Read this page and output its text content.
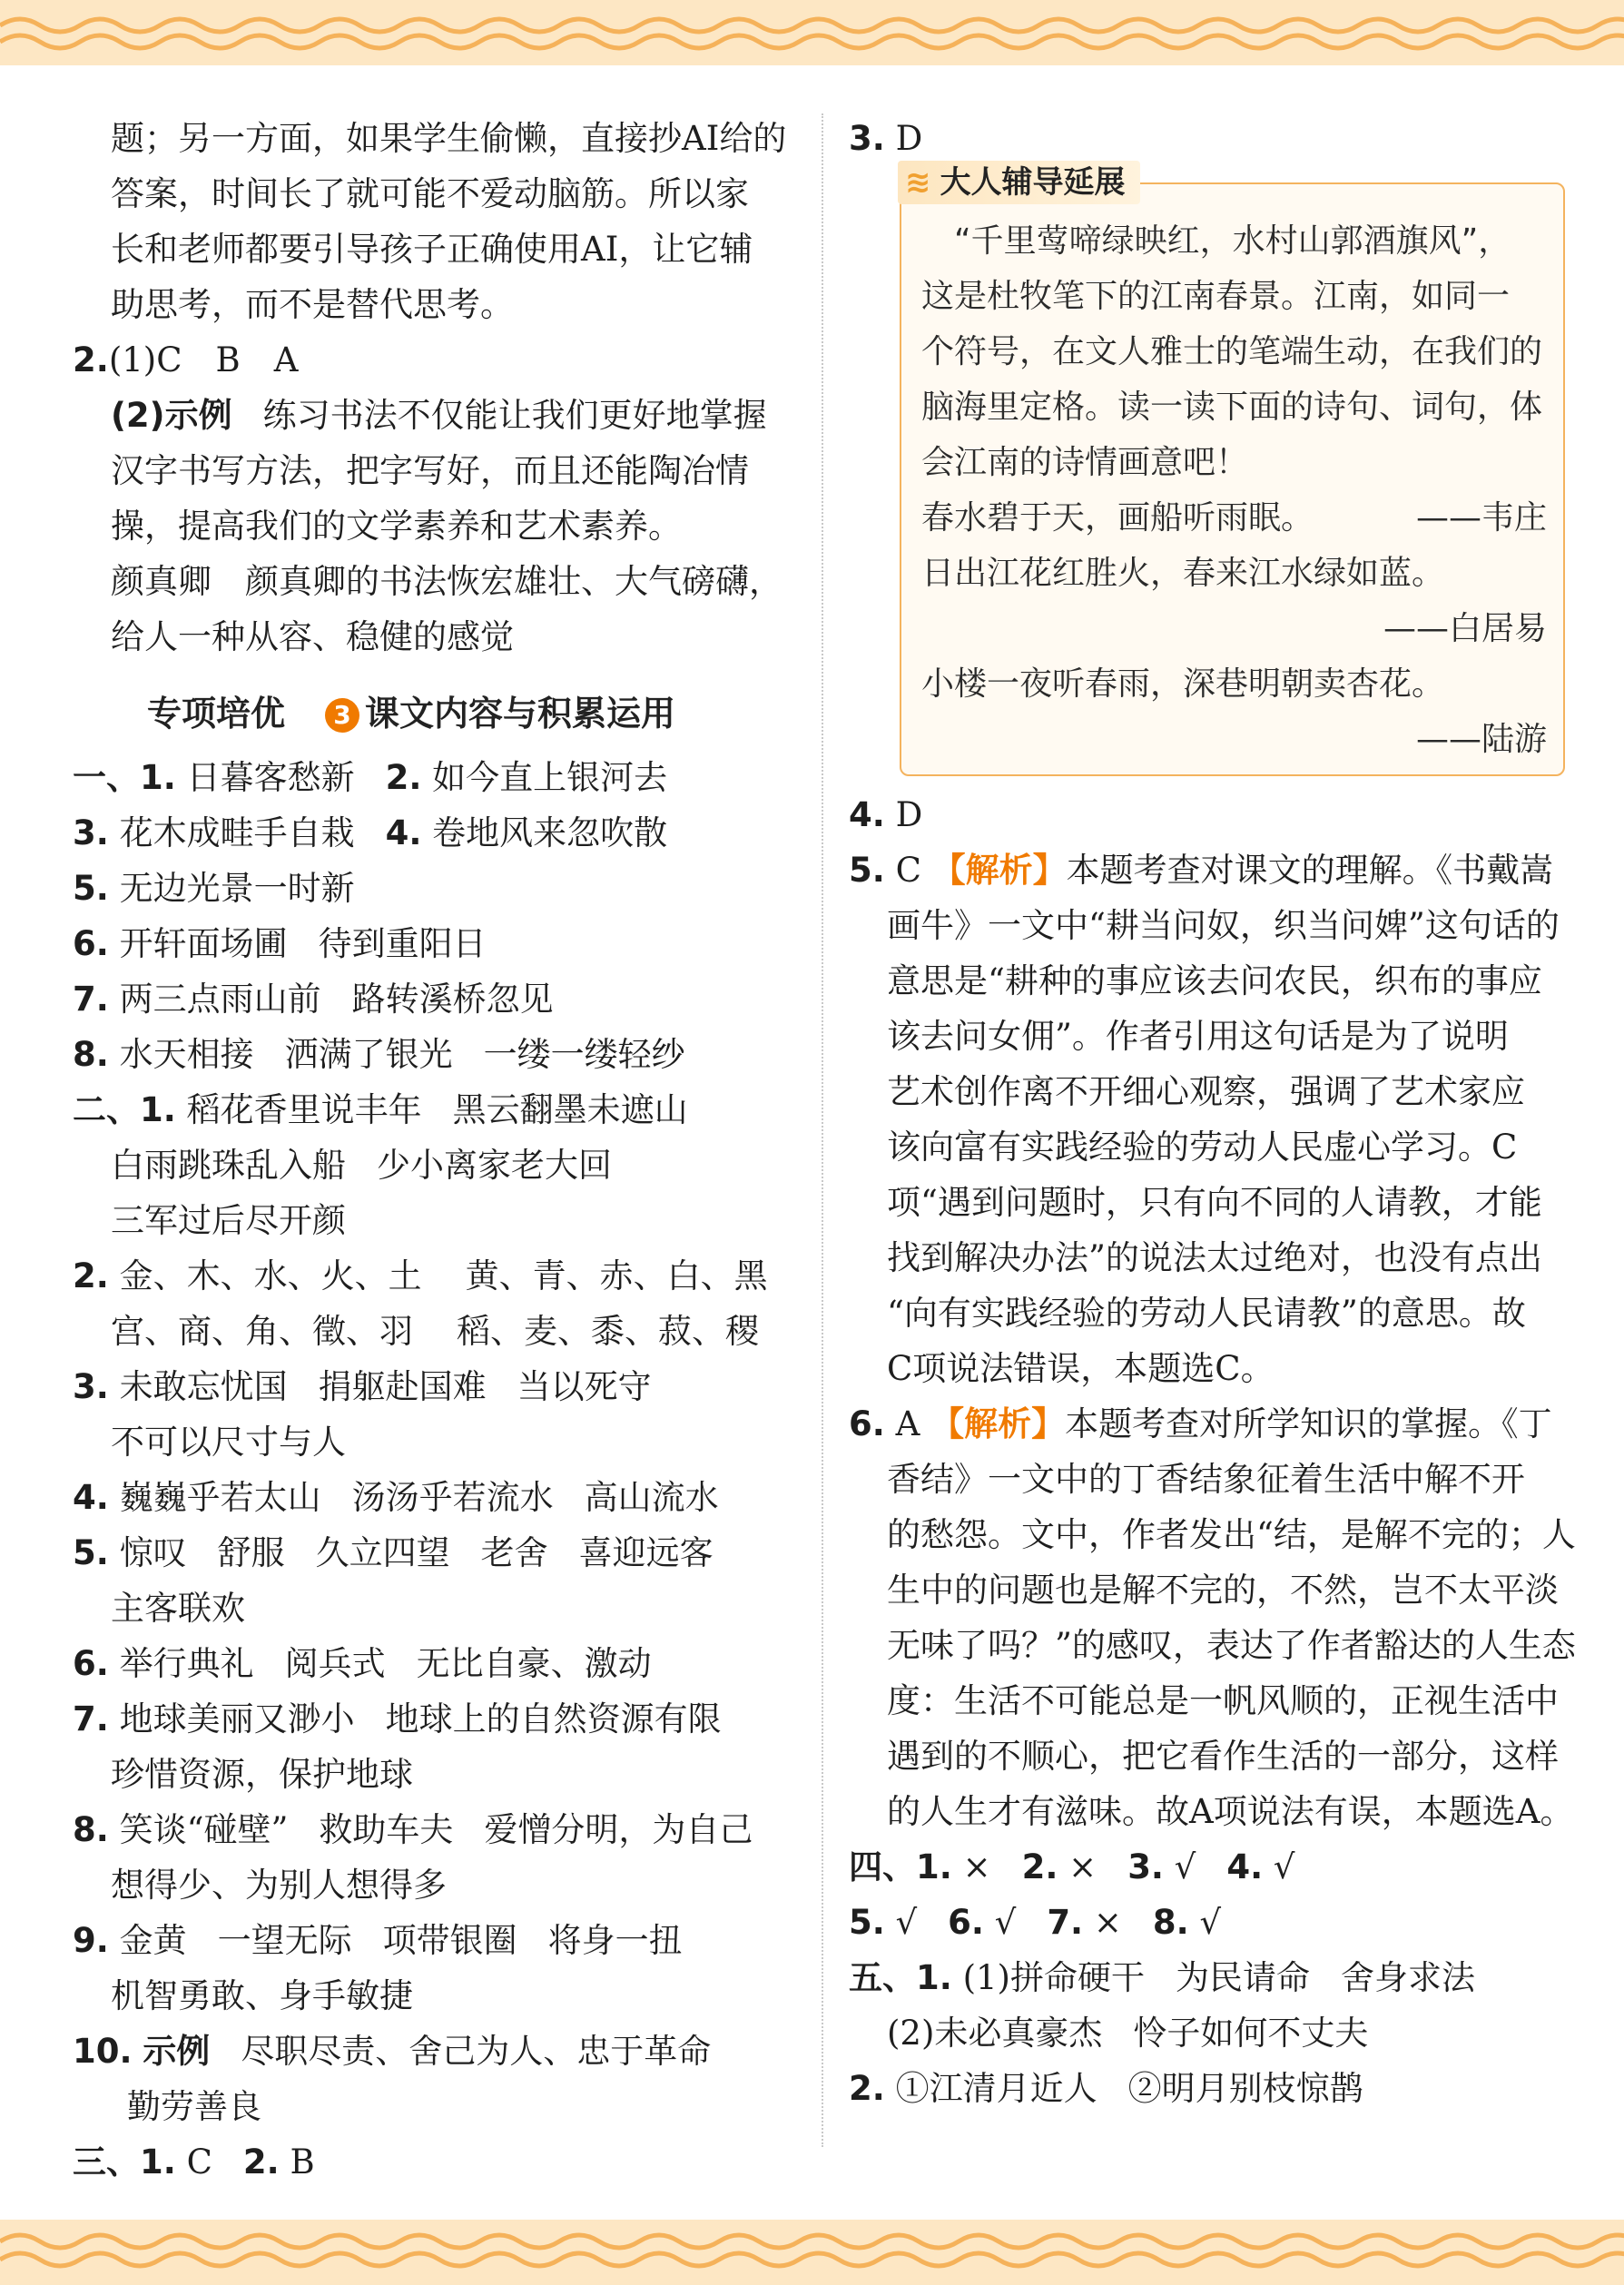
题；另一方面，如果学生偷懒，直接抄AI给的
答案，时间长了就可能不爱动脑筋。所以家
长和老师都要引导孩子正确使用AI，让它辅
助思考，而不是替代思考。
2.(1)C　B　A
(2)示例 练习书法不仅能让我们更好地掌握
汉字书写方法，把字写好，而且还能陶冶情
操，提高我们的文学素养和艺术素养。
颜真卿　颜真卿的书法恢宏雄壮、大气磅礴，
给人一种从容、稳健的感觉
专项培优 3 课文内容与积累运用
一、1. 日暮客愁新 2. 如今直上银河去
3. 花木成畦手自栽 4. 卷地风来忽吹散
5. 无边光景一时新
6. 开轩面场圃 待到重阳日
7. 两三点雨山前 路转溪桥忽见
8. 水天相接 洒满了银光 一缕一缕轻纱
二、1. 稻花香里说丰年 黑云翻墨未遮山
白雨跳珠乱入船 少小离家老大回
三军过后尽开颜
2. 金、木、水、火、土 黄、青、赤、白、黑
宫、商、角、徵、羽 稻、麦、黍、菽、稷
3. 未敢忘忧国 捐躯赴国难 当以死守
不可以尺寸与人
4. 巍巍乎若太山 汤汤乎若流水 高山流水
5. 惊叹 舒服 久立四望 老舍 喜迎远客
主客联欢
6. 举行典礼 阅兵式 无比自豪、激动
7. 地球美丽又渺小 地球上的自然资源有限
珍惜资源，保护地球
8. 笑谈“碰壁” 救助车夫 爱憎分明，为自己
想得少、为别人想得多
9. 金黄 一望无际 项带银圈 将身一扭
机智勇敢、身手敏捷
10. 示例 尽职尽责、舍己为人、忠于革命
勤劳善良
三、1. C 2. B
3. D
≋ 大人辅导延展
　“千里莺啼绿映红，水村山郭酒旗风”，
这是杜牧笔下的江南春景。江南，如同一
个符号，在文人雅士的笔端生动，在我们的
脑海里定格。读一读下面的诗句、词句，体
会江南的诗情画意吧！
春水碧于天，画船听雨眠。	——韦庄
日出江花红胜火，春来江水绿如蓝。
——白居易
小楼一夜听春雨，深巷明朝卖杏花。
——陆游
4. D
5. C 【解析】本题考查对课文的理解。《书戴嵩
画牛》一文中“耕当问奴，织当问婢”这句话的
意思是“耕种的事应该去问农民，织布的事应
该去问女佣”。作者引用这句话是为了说明
艺术创作离不开细心观察，强调了艺术家应
该向富有实践经验的劳动人民虚心学习。C
项“遇到问题时，只有向不同的人请教，才能
找到解决办法”的说法太过绝对，也没有点出
“向有实践经验的劳动人民请教”的意思。故
C项说法错误，本题选C。
6. A 【解析】本题考查对所学知识的掌握。《丁
香结》一文中的丁香结象征着生活中解不开
的愁怨。文中，作者发出“结，是解不完的；人
生中的问题也是解不完的，不然，岂不太平淡
无味了吗？”的感叹，表达了作者豁达的人生态
度：生活不可能总是一帆风顺的，正视生活中
遇到的不顺心，把它看作生活的一部分，这样
的人生才有滋味。故A项说法有误，本题选A。
四、1. × 2. × 3. √ 4. √
5. √ 6. √ 7. × 8. √
五、1. (1)拼命硬干 为民请命 舍身求法
(2)未必真豪杰 怜子如何不丈夫
2. ①江清月近人 ②明月别枝惊鹊
